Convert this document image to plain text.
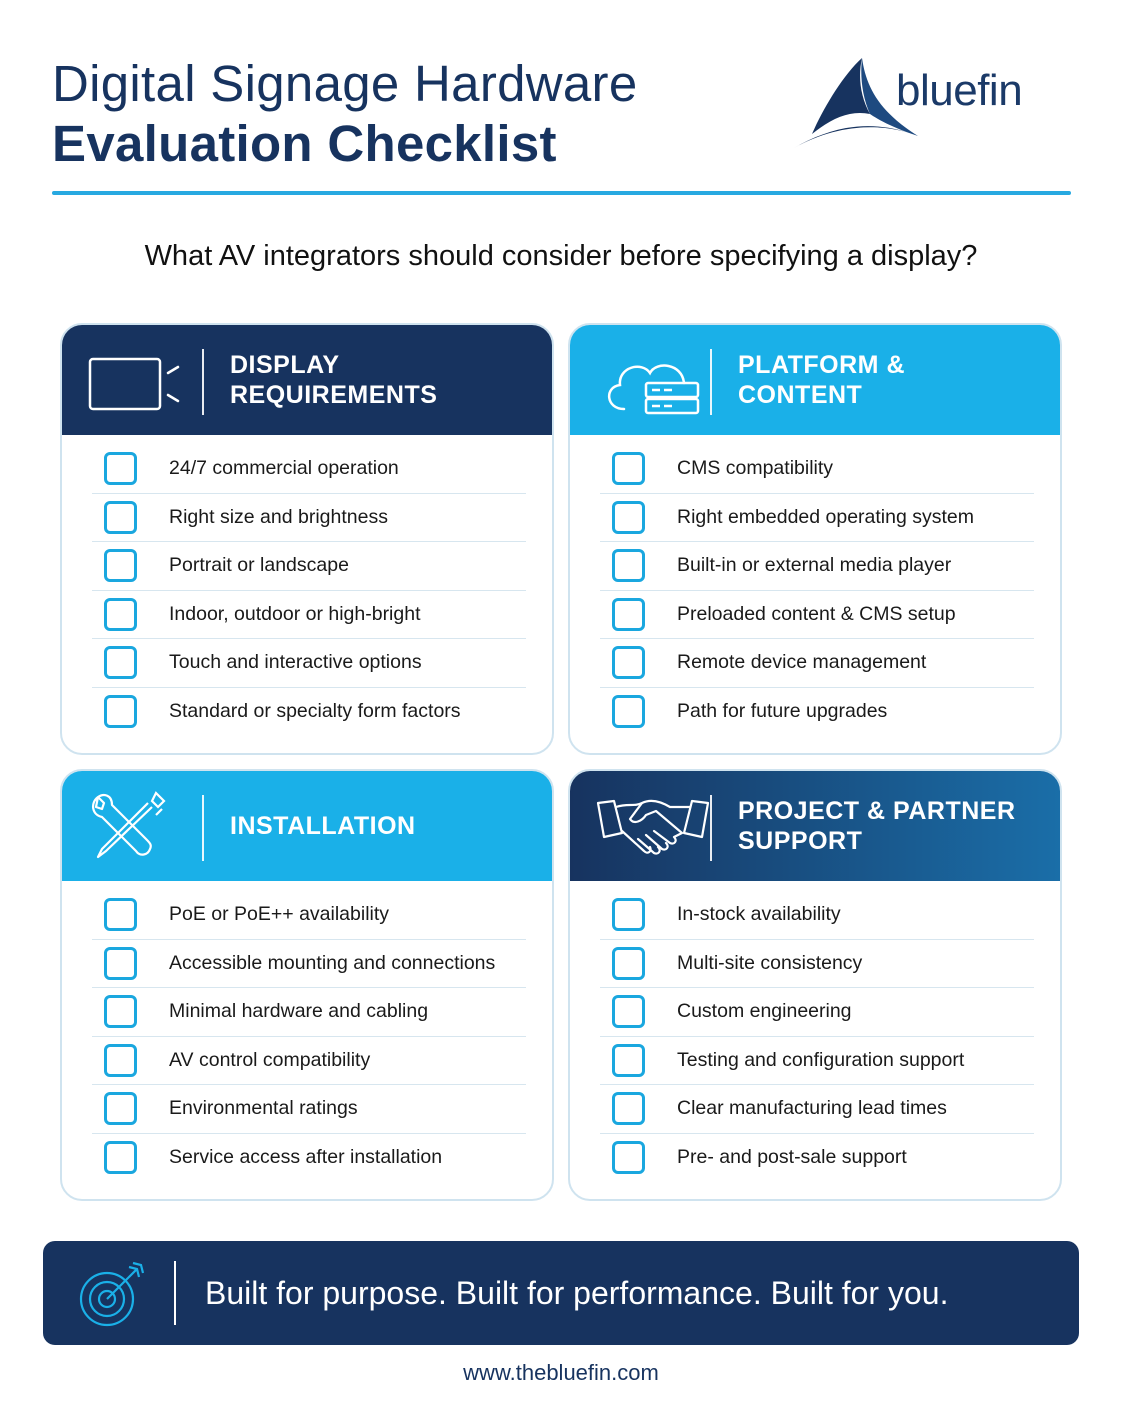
Digital Signage Hardware
Evaluation Checklist
bluefin
What AV integrators should consider before specifying a display?
DISPLAY REQUIREMENTS
24/7 commercial operation
Right size and brightness
Portrait or landscape
Indoor, outdoor or high-bright
Touch and interactive options
Standard or specialty form factors
PLATFORM & CONTENT
CMS compatibility
Right embedded operating system
Built-in or external media player
Preloaded content & CMS setup
Remote device management
Path for future upgrades
INSTALLATION
PoE or PoE++ availability
Accessible mounting and connections
Minimal hardware and cabling
AV control compatibility
Environmental ratings
Service access after installation
PROJECT & PARTNER SUPPORT
In-stock availability
Multi-site consistency
Custom engineering
Testing and configuration support
Clear manufacturing lead times
Pre- and post-sale support
Built for purpose. Built for performance. Built for you.
www.thebluefin.com
